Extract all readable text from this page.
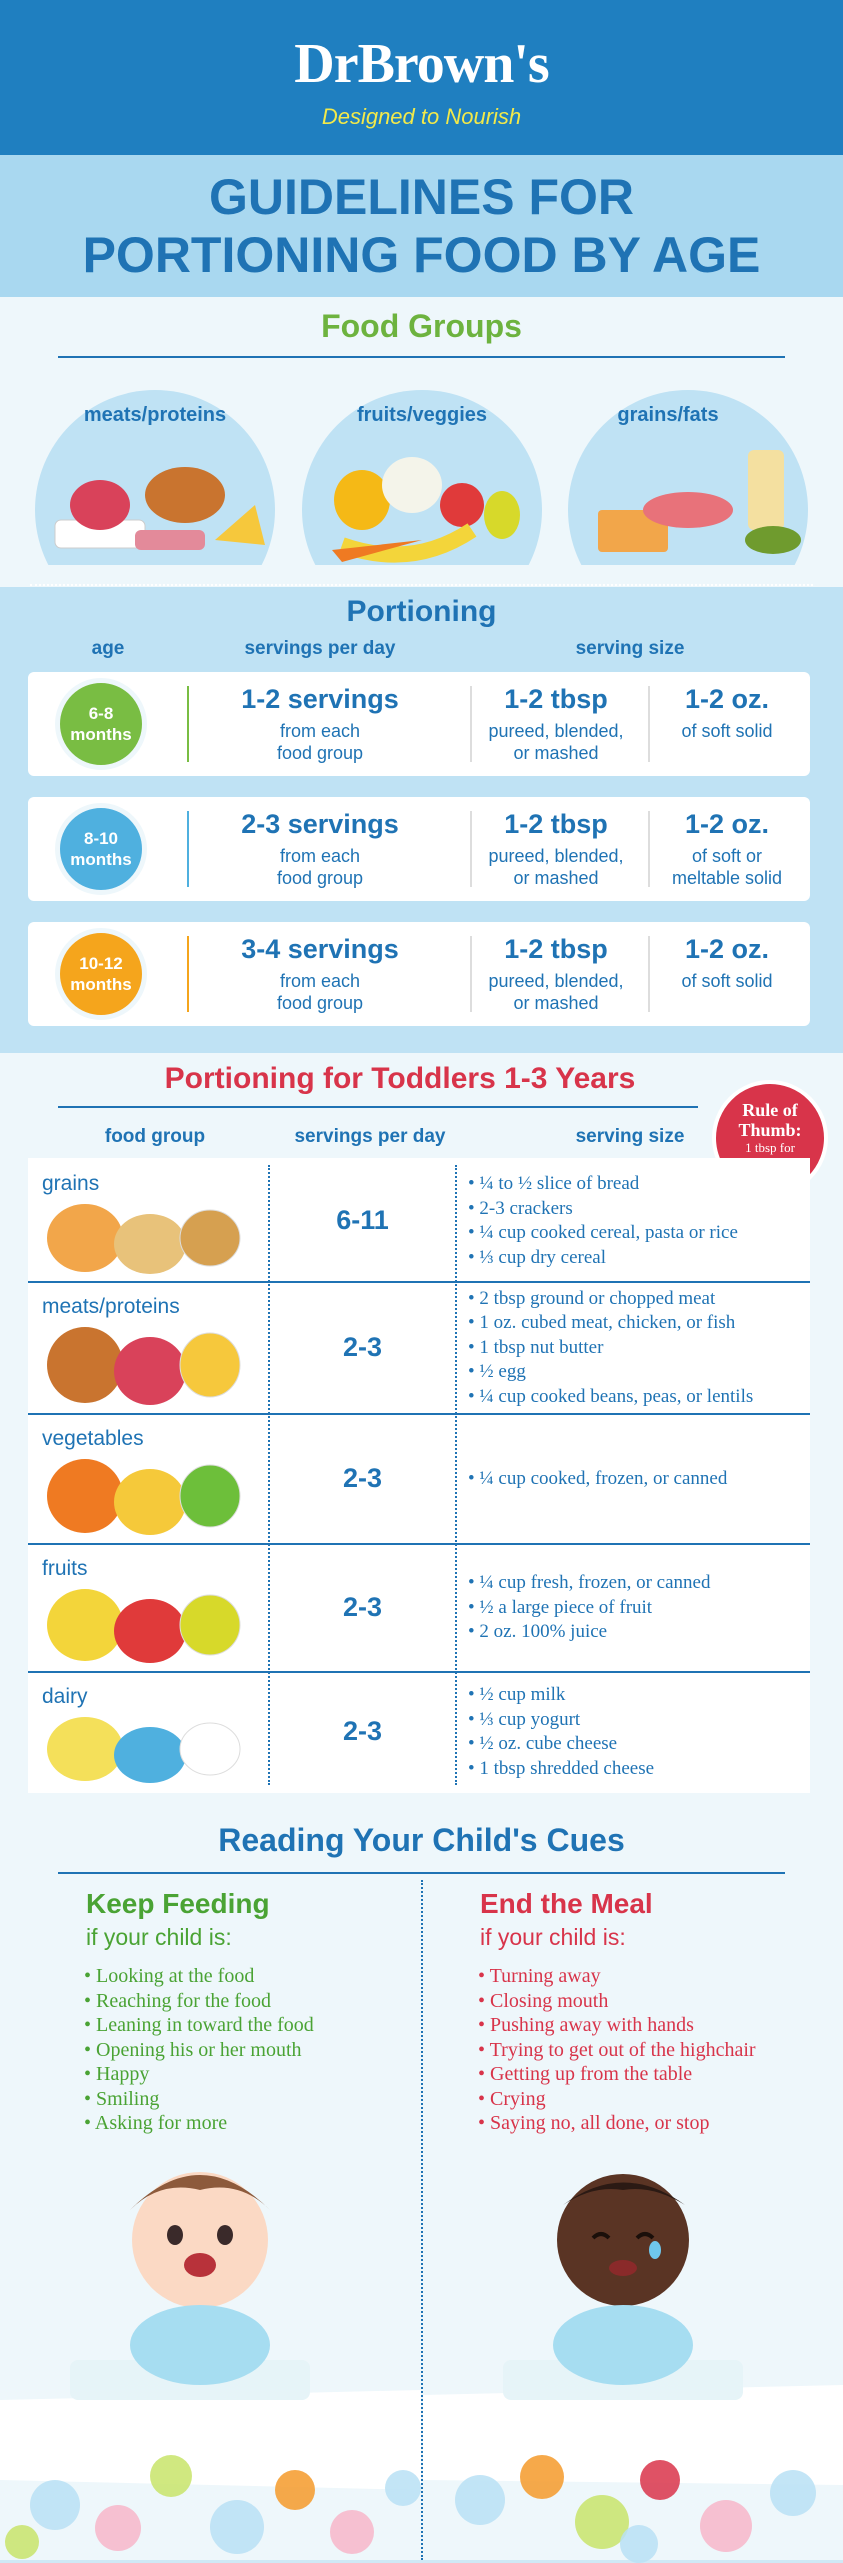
DrBrown's
Designed to Nourish
GUIDELINES FOR
PORTIONING FOOD BY AGE
Food Groups
meats/proteins	fruits/veggies	grains/fats
Portioning
age	servings per day	serving size
6-8
months
1-2 servings
from each
food group
1-2 tbsp
pureed, blended,
or mashed
1-2 oz.
of soft solid
8-10
months
2-3 servings
from each
food group
1-2 tbsp
pureed, blended,
or mashed
1-2 oz.
of soft or
meltable solid
10-12
months
3-4 servings
from each
food group
1-2 tbsp
pureed, blended,
or mashed
1-2 oz.
of soft solid
Portioning for Toddlers 1-3 Years
Rule of
Thumb:
1 tbsp for
food group	servings per day	serving size
grains
6-11
• ¼ to ½ slice of bread
• 2-3 crackers
• ¼ cup cooked cereal, pasta or rice
• ⅓ cup dry cereal
meats/proteins
2-3
• 2 tbsp ground or chopped meat
• 1 oz. cubed meat, chicken, or fish
• 1 tbsp nut butter
• ½ egg
• ¼ cup cooked beans, peas, or lentils
vegetables
2-3
•	¼ cup cooked, frozen, or canned
fruits
2-3
• ¼ cup fresh, frozen, or canned
• ½ a large piece of fruit
• 2 oz. 100% juice
dairy
2-3
• ½ cup milk
• ⅓ cup yogurt
• ½ oz. cube cheese
• 1 tbsp shredded cheese
Reading Your Child's Cues
Keep Feeding
if your child is:
• Looking at the food
• Reaching for the food
• Leaning in toward the food
• Opening his or her mouth
• Happy
• Smiling
• Asking for more
End the Meal
if your child is:
• Turning away
• Closing mouth
• Pushing away with hands
• Trying to get out of the highchair
• Getting up from the table
• Crying
• Saying no, all done, or stop
